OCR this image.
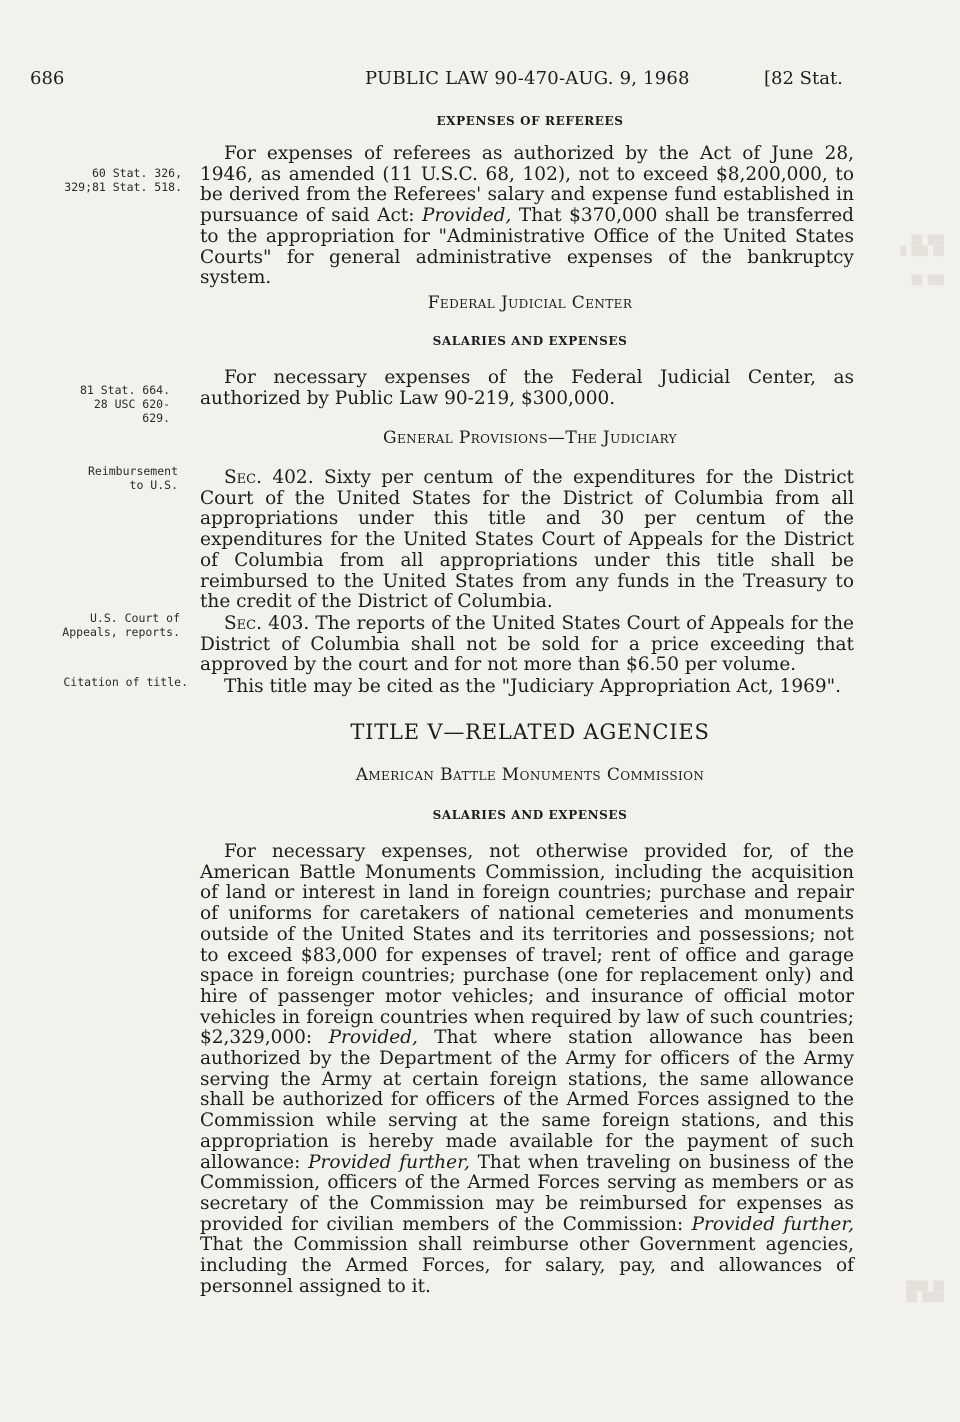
686	PUBLIC LAW 90-470-AUG. 9, 1968	[82 Stat.
▒▒ ▒▒▒
▒ ▒▒▒ ▒▒
▒▒ ▒▒▒
EXPENSES OF REFEREES

For expenses of referees as authorized by the Act of June 28, 1946, as amended (11 U.S.C. 68, 102), not to exceed $8,200,000, to be derived from the Referees' salary and expense fund established in pursuance of said Act: Provided, That $370,000 shall be transferred to the appropriation for "Administrative Office of the United States Courts" for general administrative expenses of the bankruptcy system.

60 Stat. 326,
329;81 Stat. 518.
Federal Judicial Center
SALARIES AND EXPENSES

For necessary expenses of the Federal Judicial Center, as authorized by Public Law 90-219, $300,000.

81 Stat. 664.
28 USC 620-
629.
General Provisions—The Judiciary

Sec. 402. Sixty per centum of the expenditures for the District Court of the United States for the District of Columbia from all appropriations under this title and 30 per centum of the expenditures for the United States Court of Appeals for the District of Columbia from all appropriations under this title shall be reimbursed to the United States from any funds in the Treasury to the credit of the District of Columbia.

Reimbursement
to U.S.

Sec. 403. The reports of the United States Court of Appeals for the District of Columbia shall not be sold for a price exceeding that approved by the court and for not more than $6.50 per volume.

U.S. Court of
Appeals, reports.

This title may be cited as the "Judiciary Appropriation Act, 1969".

Citation of title.
TITLE V—RELATED AGENCIES
American Battle Monuments Commission
SALARIES AND EXPENSES

For necessary expenses, not otherwise provided for, of the American Battle Monuments Commission, including the acquisition of land or interest in land in foreign countries; purchase and repair of uniforms for caretakers of national cemeteries and monuments outside of the United States and its territories and possessions; not to exceed $83,000 for expenses of travel; rent of office and garage space in foreign countries; purchase (one for replacement only) and hire of passenger motor vehicles; and insurance of official motor vehicles in foreign countries when required by law of such countries; $2,329,000: Provided, That where station allowance has been authorized by the Department of the Army for officers of the Army serving the Army at certain foreign stations, the same allowance shall be authorized for officers of the Armed Forces assigned to the Commission while serving at the same foreign stations, and this appropriation is hereby made available for the payment of such allowance: Provided further, That when traveling on business of the Commission, officers of the Armed Forces serving as members or as secretary of the Commission may be reimbursed for expenses as provided for civilian members of the Commission: Provided further, That the Commission shall reimburse other Government agencies, including the Armed Forces, for salary, pay, and allowances of personnel assigned to it.	▒▒▒▒ ▒▒
▒▒ ▒▒▒▒
